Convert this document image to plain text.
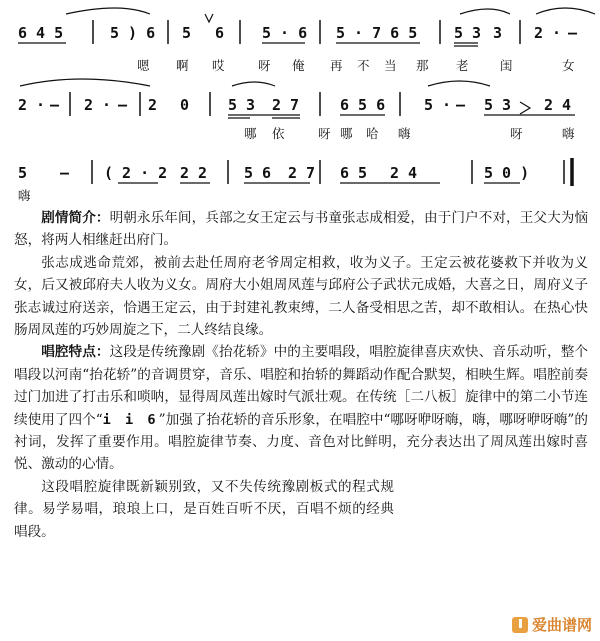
6 4 5	5 ) 6 5 6	5 · 6 5 · 7 6 5 5 3 3 2 · –
嗯 啊 哎	呀 俺 再 不 当 那 老	闺	女
2 · – 2 · – 2 0	5 3 2 7	6 5 6	5 · – 5 3 2 4
哪 依	呀 哪 哈 嗨	呀	嗨
5 – ( 2 · 2 2 2 5 6 2 7 6 5 2 4	5 0 )
嗨

剧情简介：明朝永乐年间，兵部之女王定云与书童张志成相爱，由于门户不对，王父大为恼怒，将两人相继赶出府门。

张志成逃命荒郊，被前去赴任周府老爷周定相救，收为义子。王定云被花婆救下并收为义女，后又被邱府夫人收为义女。周府大小姐周凤莲与邱府公子武状元成婚，大喜之日，周府义子张志诚过府送亲，恰遇王定云，由于封建礼教束缚，二人备受相思之苦，却不敢相认。在热心快肠周凤莲的巧妙周旋之下，二人终结良缘。

唱腔特点：这段是传统豫剧《抬花轿》中的主要唱段，唱腔旋律喜庆欢快、音乐动听，整个唱段以河南“抬花轿”的音调贯穿，音乐、唱腔和抬轿的舞蹈动作配合默契，相映生辉。唱腔前奏过门加进了打击乐和唢呐，显得周凤莲出嫁时气派壮观。在传统［二八板］旋律中的第二小节连续使用了四个“i i 6”加强了抬花轿的音乐形象，在唱腔中“哪呀咿呀嗨，嗨，哪呀咿呀嗨”的衬词，发挥了重要作用。唱腔旋律节奏、力度、音色对比鲜明，充分表达出了周凤莲出嫁时喜悦、激动的心情。

这段唱腔旋律既新颖别致，又不失传统豫剧板式的程式规律。易学易唱，琅琅上口，是百姓百听不厌，百唱不烦的经典唱段。

爱曲谱网
